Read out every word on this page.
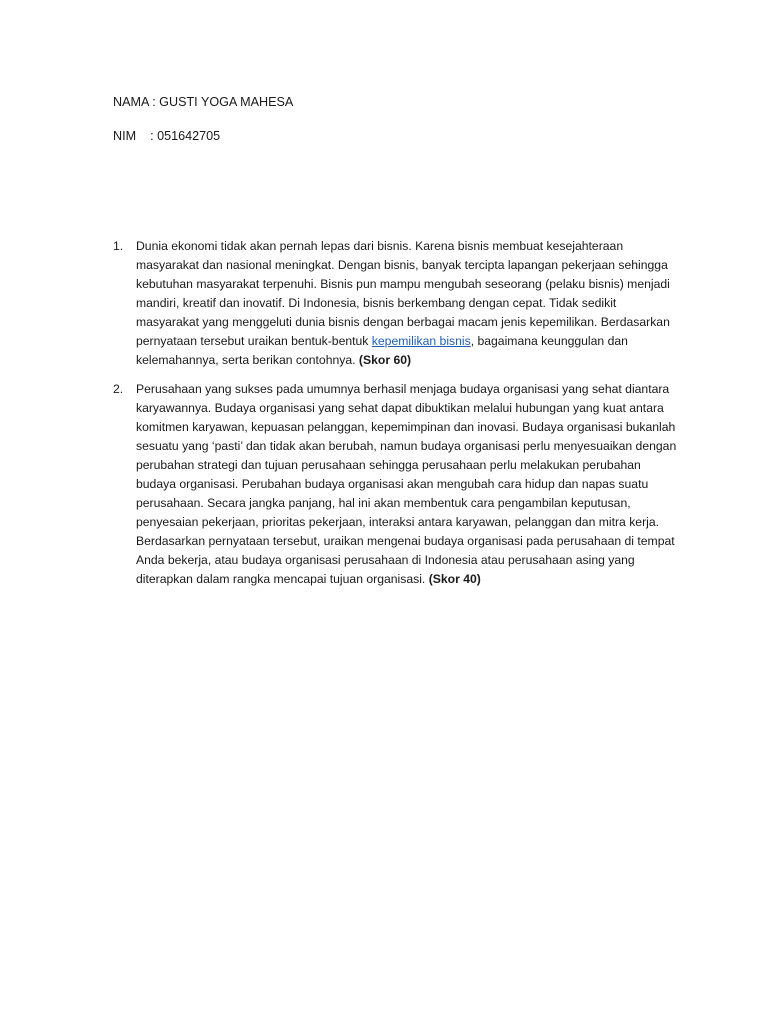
NAMA : GUSTI YOGA MAHESA
NIM    : 051642705
1. Dunia ekonomi tidak akan pernah lepas dari bisnis. Karena bisnis membuat kesejahteraan masyarakat dan nasional meningkat. Dengan bisnis, banyak tercipta lapangan pekerjaan sehingga kebutuhan masyarakat terpenuhi. Bisnis pun mampu mengubah seseorang (pelaku bisnis) menjadi mandiri, kreatif dan inovatif. Di Indonesia, bisnis berkembang dengan cepat. Tidak sedikit masyarakat yang menggeluti dunia bisnis dengan berbagai macam jenis kepemilikan. Berdasarkan pernyataan tersebut uraikan bentuk-bentuk kepemilikan bisnis, bagaimana keunggulan dan kelemahannya, serta berikan contohnya. (Skor 60)
2. Perusahaan yang sukses pada umumnya berhasil menjaga budaya organisasi yang sehat diantara karyawannya. Budaya organisasi yang sehat dapat dibuktikan melalui hubungan yang kuat antara komitmen karyawan, kepuasan pelanggan, kepemimpinan dan inovasi. Budaya organisasi bukanlah sesuatu yang ‘pasti’ dan tidak akan berubah, namun budaya organisasi perlu menyesuaikan dengan perubahan strategi dan tujuan perusahaan sehingga perusahaan perlu melakukan perubahan budaya organisasi. Perubahan budaya organisasi akan mengubah cara hidup dan napas suatu perusahaan. Secara jangka panjang, hal ini akan membentuk cara pengambilan keputusan, penyesaian pekerjaan, prioritas pekerjaan, interaksi antara karyawan, pelanggan dan mitra kerja. Berdasarkan pernyataan tersebut, uraikan mengenai budaya organisasi pada perusahaan di tempat Anda bekerja, atau budaya organisasi perusahaan di Indonesia atau perusahaan asing yang diterapkan dalam rangka mencapai tujuan organisasi. (Skor 40)
